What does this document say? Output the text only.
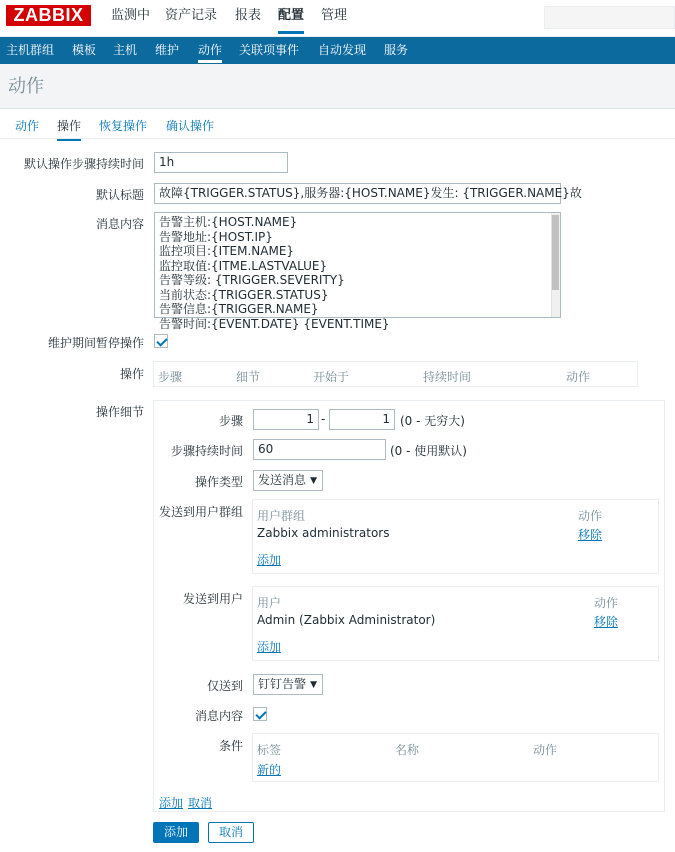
ZABBIX	监测中 资产记录 报表 配置 管理
主机群组 模板 主机 维护 动作 关联项事件 自动发现 服务
动作
动作 操作 恢复操作 确认操作
默认操作步骤持续时间	1h
默认标题	故障{TRIGGER.STATUS},服务器:{HOST.NAME}发生: {TRIGGER.NAME}故
消息内容 告警主机:{HOST.NAME}
告警地址:{HOST.IP}
监控项目:{ITEM.NAME}
监控取值:{ITME.LASTVALUE}
告警等级: {TRIGGER.SEVERITY}
当前状态:{TRIGGER.STATUS}
告警信息:{TRIGGER.NAME}
告警时间:{EVENT.DATE} {EVENT.TIME}
维护期间暂停操作
操作 步骤	细节	开始于	持续时间	动作
操作细节
步骤	1 -	1 (0 - 无穷大)
步骤持续时间	60	(0 - 使用默认)
操作类型	发送消息 ▼
发送到用户群组 用户群组	动作
Zabbix administrators	移除
添加
发送到用户 用户	动作
Admin (Zabbix Administrator)	移除
添加
仅送到	钉钉告警 ▼
消息内容
条件 标签	名称	动作
新的
添加 取消
添加	取消
